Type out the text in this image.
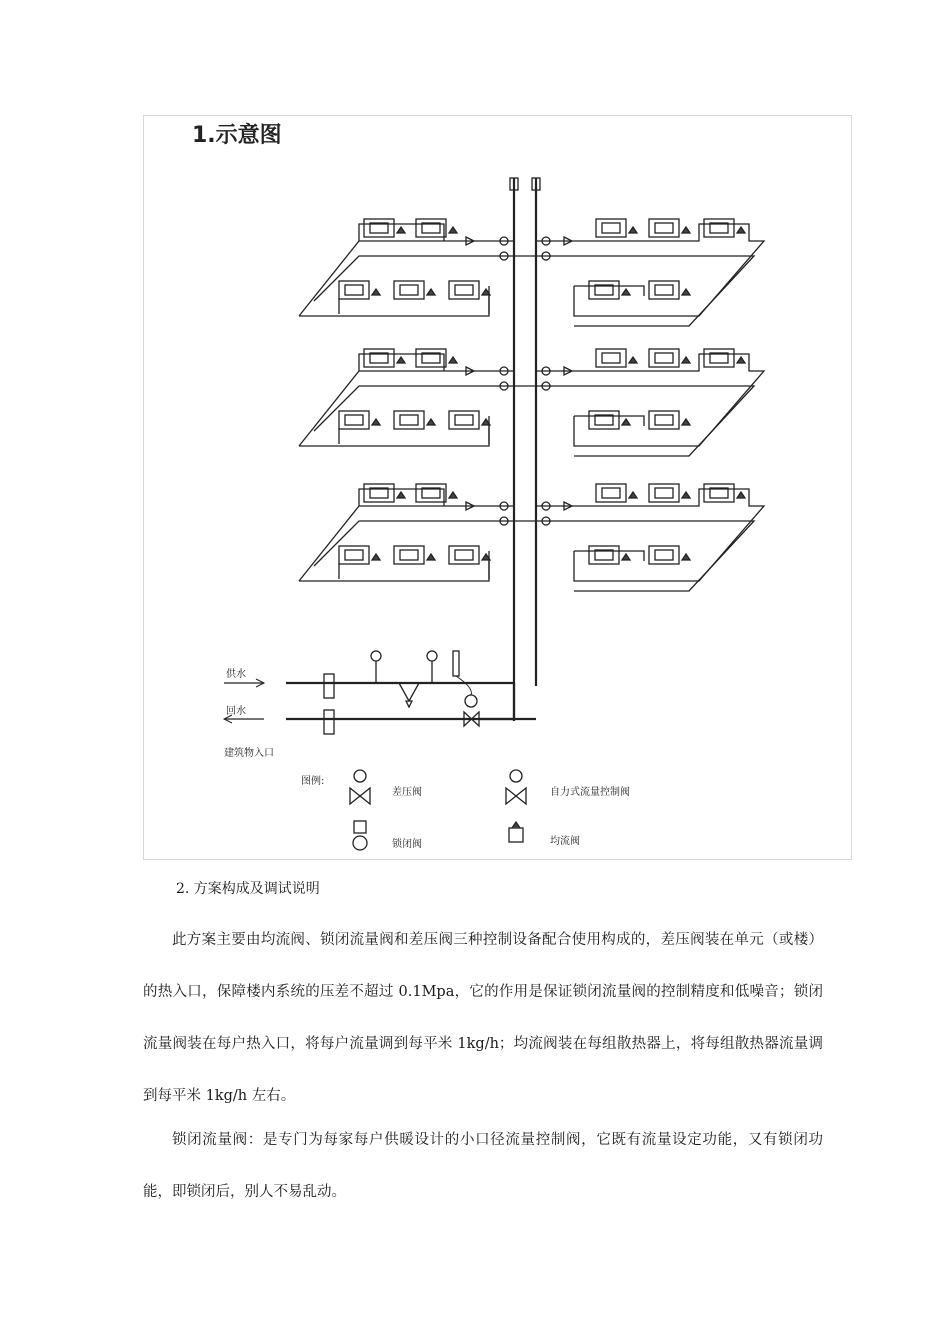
1.示意图
供水
回水
建筑物入口
图例:
差压阀	自力式流量控制阀
锁闭阀	均流阀
2. 方案构成及调试说明

此方案主要由均流阀、锁闭流量阀和差压阀三种控制设备配合使用构成的，差压阀装在单元（或楼）的热入口，保障楼内系统的压差不超过 0.1Mpa，它的作用是保证锁闭流量阀的控制精度和低噪音；锁闭流量阀装在每户热入口，将每户流量调到每平米 1kg/h；均流阀装在每组散热器上，将每组散热器流量调到每平米 1kg/h 左右。

锁闭流量阀：是专门为每家每户供暖设计的小口径流量控制阀，它既有流量设定功能，又有锁闭功能，即锁闭后，别人不易乱动。
